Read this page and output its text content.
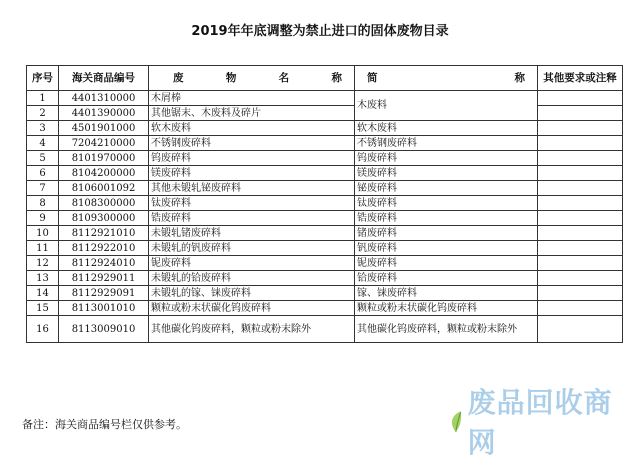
2019年年底调整为禁止进口的固体废物目录
序号	海关商品编号	废 物 名 称	简 称	其他要求或注释
1	4401310000	木屑棒	木废料	
2	4401390000	其他锯末、木废料及碎片		
3	4501901000	软木废料	软木废料	
4	7204210000	不锈钢废碎料	不锈钢废碎料	
5	8101970000	钨废碎料	钨废碎料	
6	8104200000	镁废碎料	镁废碎料	
7	8106001092	其他未锻轧铋废碎料	铋废碎料	
8	8108300000	钛废碎料	钛废碎料	
9	8109300000	锆废碎料	锆废碎料	
10	8112921010	未锻轧锗废碎料	锗废碎料	
11	8112922010	未锻轧的钒废碎料	钒废碎料	
12	8112924010	铌废碎料	铌废碎料	
13	8112929011	未锻轧的铪废碎料	铪废碎料	
14	8112929091	未锻轧的镓、铼废碎料	镓、铼废碎料	
15	8113001010	颗粒或粉末状碳化钨废碎料	颗粒或粉末状碳化钨废碎料	
16	8113009010	其他碳化钨废碎料，颗粒或粉末除外	其他碳化钨废碎料，颗粒或粉末除外	
备注：海关商品编号栏仅供参考。
废品回收商网
